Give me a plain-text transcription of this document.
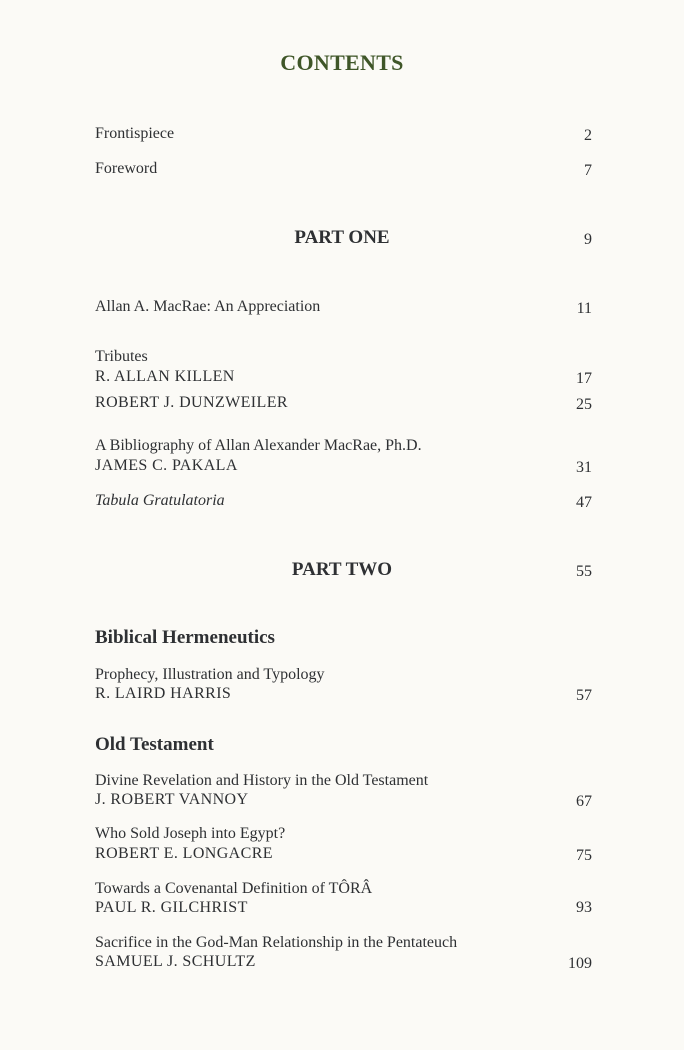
CONTENTS
Frontispiece	2
Foreword	7
PART ONE	9
Allan A. MacRae: An Appreciation	11
Tributes
R. ALLAN KILLEN	17
ROBERT J. DUNZWEILER	25
A Bibliography of Allan Alexander MacRae, Ph.D.
JAMES C. PAKALA	31
Tabula Gratulatoria	47
PART TWO	55
Biblical Hermeneutics
Prophecy, Illustration and Typology
R. LAIRD HARRIS	57
Old Testament
Divine Revelation and History in the Old Testament
J. ROBERT VANNOY	67
Who Sold Joseph into Egypt?
ROBERT E. LONGACRE	75
Towards a Covenantal Definition of TÔRÂ
PAUL R. GILCHRIST	93
Sacrifice in the God-Man Relationship in the Pentateuch
SAMUEL J. SCHULTZ	109
